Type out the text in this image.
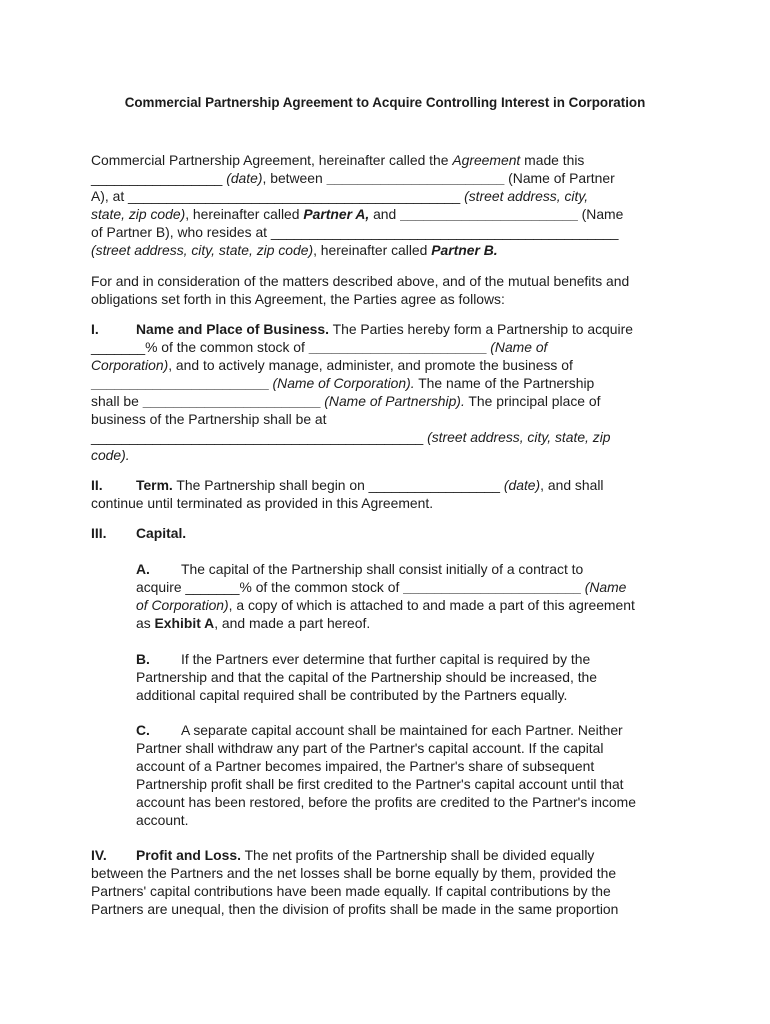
Commercial Partnership Agreement to Acquire Controlling Interest in Corporation
Commercial Partnership Agreement, hereinafter called the Agreement made this
_________________ (date), between _______________________ (Name of Partner
A), at ___________________________________________ (street address, city,
state, zip code), hereinafter called Partner A, and _______________________ (Name
of Partner B), who resides at _____________________________________________
(street address, city, state, zip code), hereinafter called Partner B.
For and in consideration of the matters described above, and of the mutual benefits and
obligations set forth in this Agreement, the Parties agree as follows:
I.	Name and Place of Business. The Parties hereby form a Partnership to acquire
_______% of the common stock of _______________________ (Name of
Corporation), and to actively manage, administer, and promote the business of
_______________________ (Name of Corporation). The name of the Partnership
shall be _______________________ (Name of Partnership). The principal place of
business of the Partnership shall be at
___________________________________________ (street address, city, state, zip
code).
II. Term. The Partnership shall begin on _________________ (date), and shall
continue until terminated as provided in this Agreement.
III. Capital.
A. The capital of the Partnership shall consist initially of a contract to
acquire _______% of the common stock of _______________________ (Name
of Corporation), a copy of which is attached to and made a part of this agreement
as Exhibit A, and made a part hereof.
B. If the Partners ever determine that further capital is required by the
Partnership and that the capital of the Partnership should be increased, the
additional capital required shall be contributed by the Partners equally.
C. A separate capital account shall be maintained for each Partner. Neither
Partner shall withdraw any part of the Partner's capital account. If the capital
account of a Partner becomes impaired, the Partner's share of subsequent
Partnership profit shall be first credited to the Partner's capital account until that
account has been restored, before the profits are credited to the Partner's income
account.
IV. Profit and Loss. The net profits of the Partnership shall be divided equally
between the Partners and the net losses shall be borne equally by them, provided the
Partners' capital contributions have been made equally. If capital contributions by the
Partners are unequal, then the division of profits shall be made in the same proportion
